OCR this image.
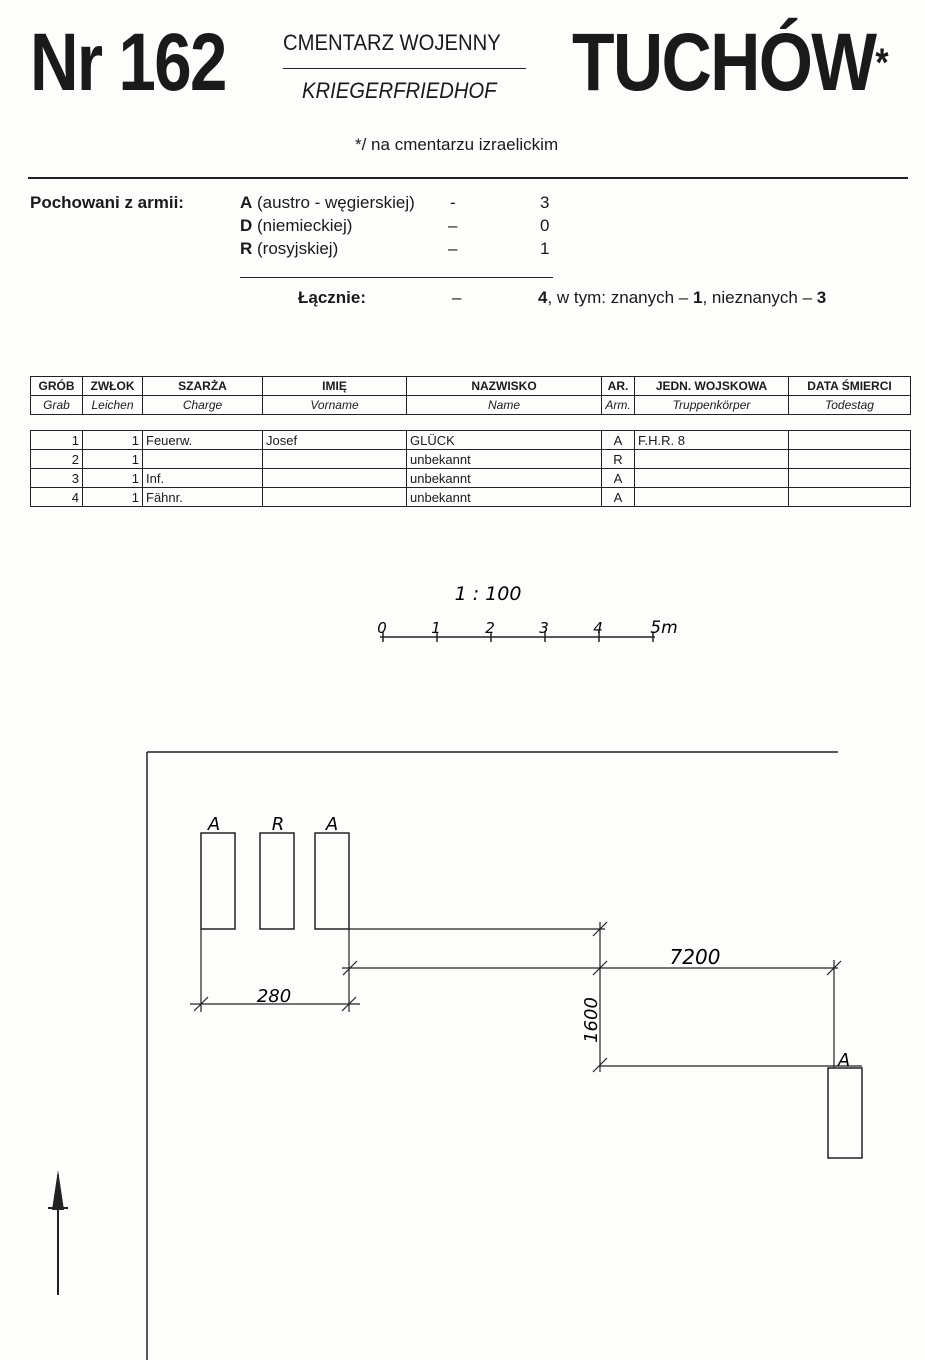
Nr 162	CMENTARZ WOJENNY
KRIEGERFRIEDHOF TUCHÓW*
*/ na cmentarzu izraelickim
Pochowani z armii:	A (austro - węgierskiej) -	3
D (niemieckiej)	–	0
R (rosyjskiej)	–	1
Łącznie:	–	4, w tym: znanych – 1, nieznanych – 3
GRÓB	ZWŁOK	SZARŻA	IMIĘ	NAZWISKO	AR.	JEDN. WOJSKOWA	DATA ŚMIERCI
Grab	Leichen	Charge	Vorname	Name	Arm.	Truppenkörper	Todestag
1	1	Feuerw.	Josef	GLÜCK	A	F.H.R. 8	
2	1			unbekannt	R		
3	1	Inf.		unbekannt	A		
4	1	Fähnr.		unbekannt	A		
1 : 100
0	1	2	3	4	5m
A	R A
A
280
7200
1600
